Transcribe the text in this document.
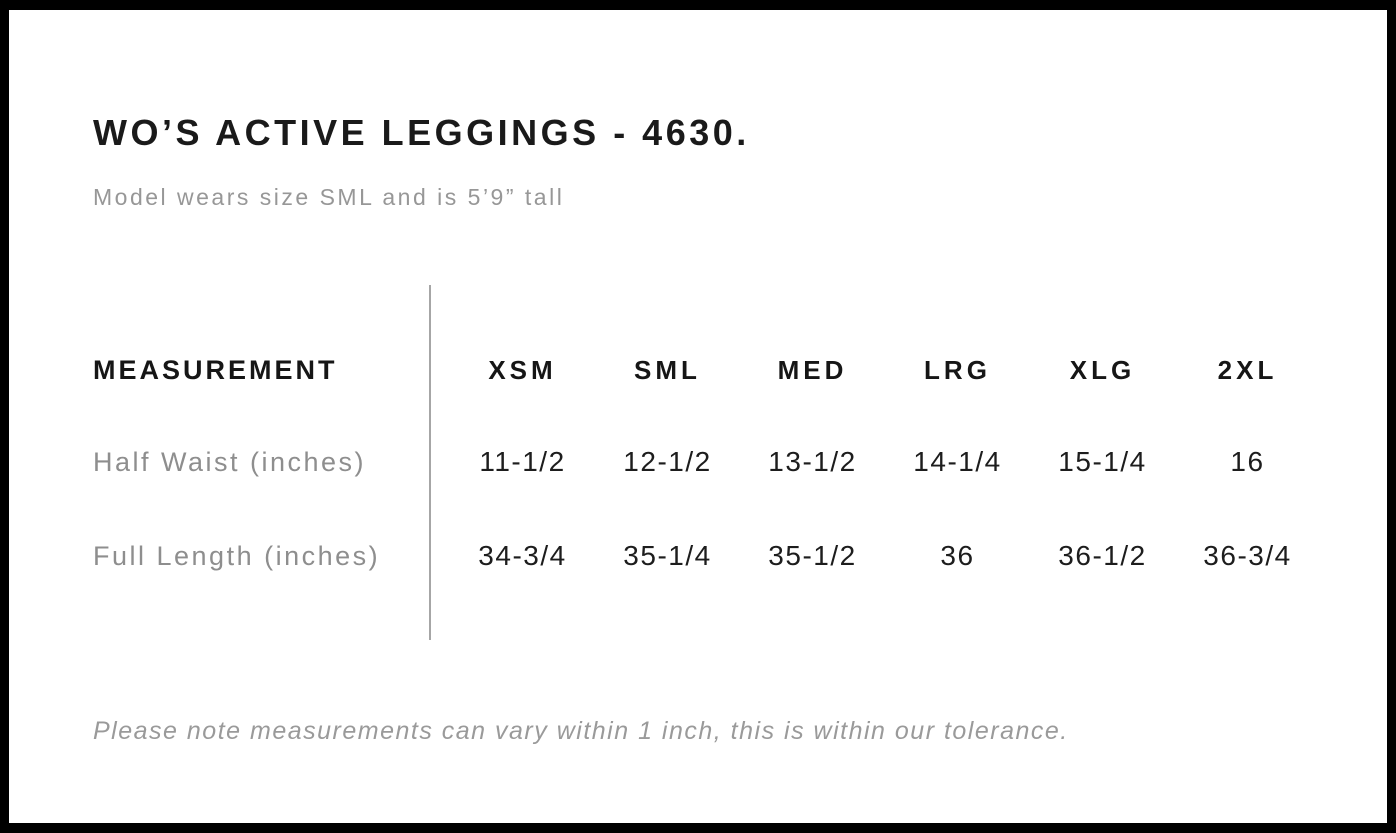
WO’S ACTIVE LEGGINGS - 4630.

Model wears size SML and is 5’9” tall

MEASUREMENT	XSM	SML	MED	LRG	XLG	2XL
Half Waist (inches)	11-1/2	12-1/2	13-1/2	14-1/4	15-1/4	16
Full Length (inches)	34-3/4	35-1/4	35-1/2	36	36-1/2	36-3/4

Please note measurements can vary within 1 inch, this is within our tolerance.
